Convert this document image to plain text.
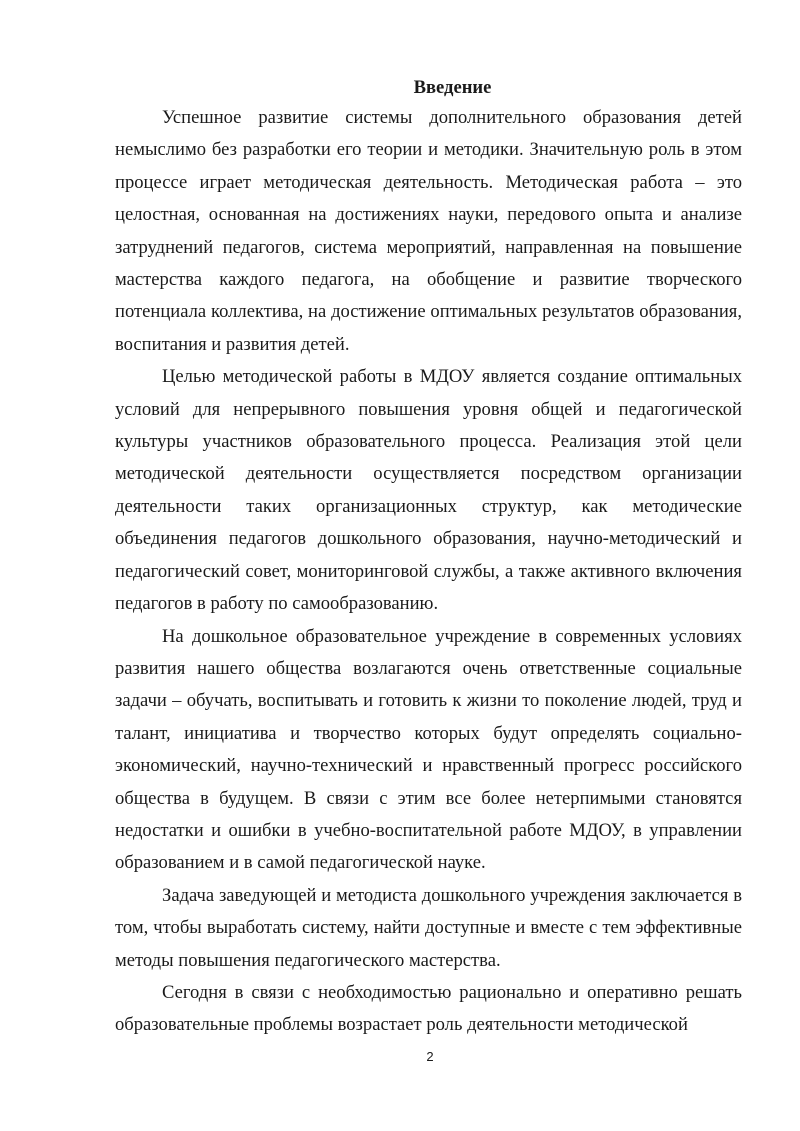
Введение

Успешное развитие системы дополнительного образования детей немыслимо без разработки его теории и методики. Значительную роль в этом процессе играет методическая деятельность. Методическая работа – это целостная, основанная на достижениях науки, передового опыта и анализе затруднений педагогов, система мероприятий, направленная на повышение мастерства каждого педагога, на обобщение и развитие творческого потенциала коллектива, на достижение оптимальных результатов образования, воспитания и развития детей.

Целью методической работы в МДОУ является создание оптимальных условий для непрерывного повышения уровня общей и педагогической культуры участников образовательного процесса. Реализация этой цели методической деятельности осуществляется посредством организации деятельности таких организационных структур, как методические объединения педагогов дошкольного образования, научно-методический и педагогический совет, мониторинговой службы, а также активного включения педагогов в работу по самообразованию.

На дошкольное образовательное учреждение в современных условиях развития нашего общества возлагаются очень ответственные социальные задачи – обучать, воспитывать и готовить к жизни то поколение людей, труд и талант, инициатива и творчество которых будут определять социально-экономический, научно-технический и нравственный прогресс российского общества в будущем. В связи с этим все более нетерпимыми становятся недостатки и ошибки в учебно-воспитательной работе МДОУ, в управлении образованием и в самой педагогической науке.

Задача заведующей и методиста дошкольного учреждения заключается в том, чтобы выработать систему, найти доступные и вместе с тем эффективные методы повышения педагогического мастерства.

Сегодня в связи с необходимостью рационально и оперативно решать образовательные проблемы возрастает роль деятельности методической

2
